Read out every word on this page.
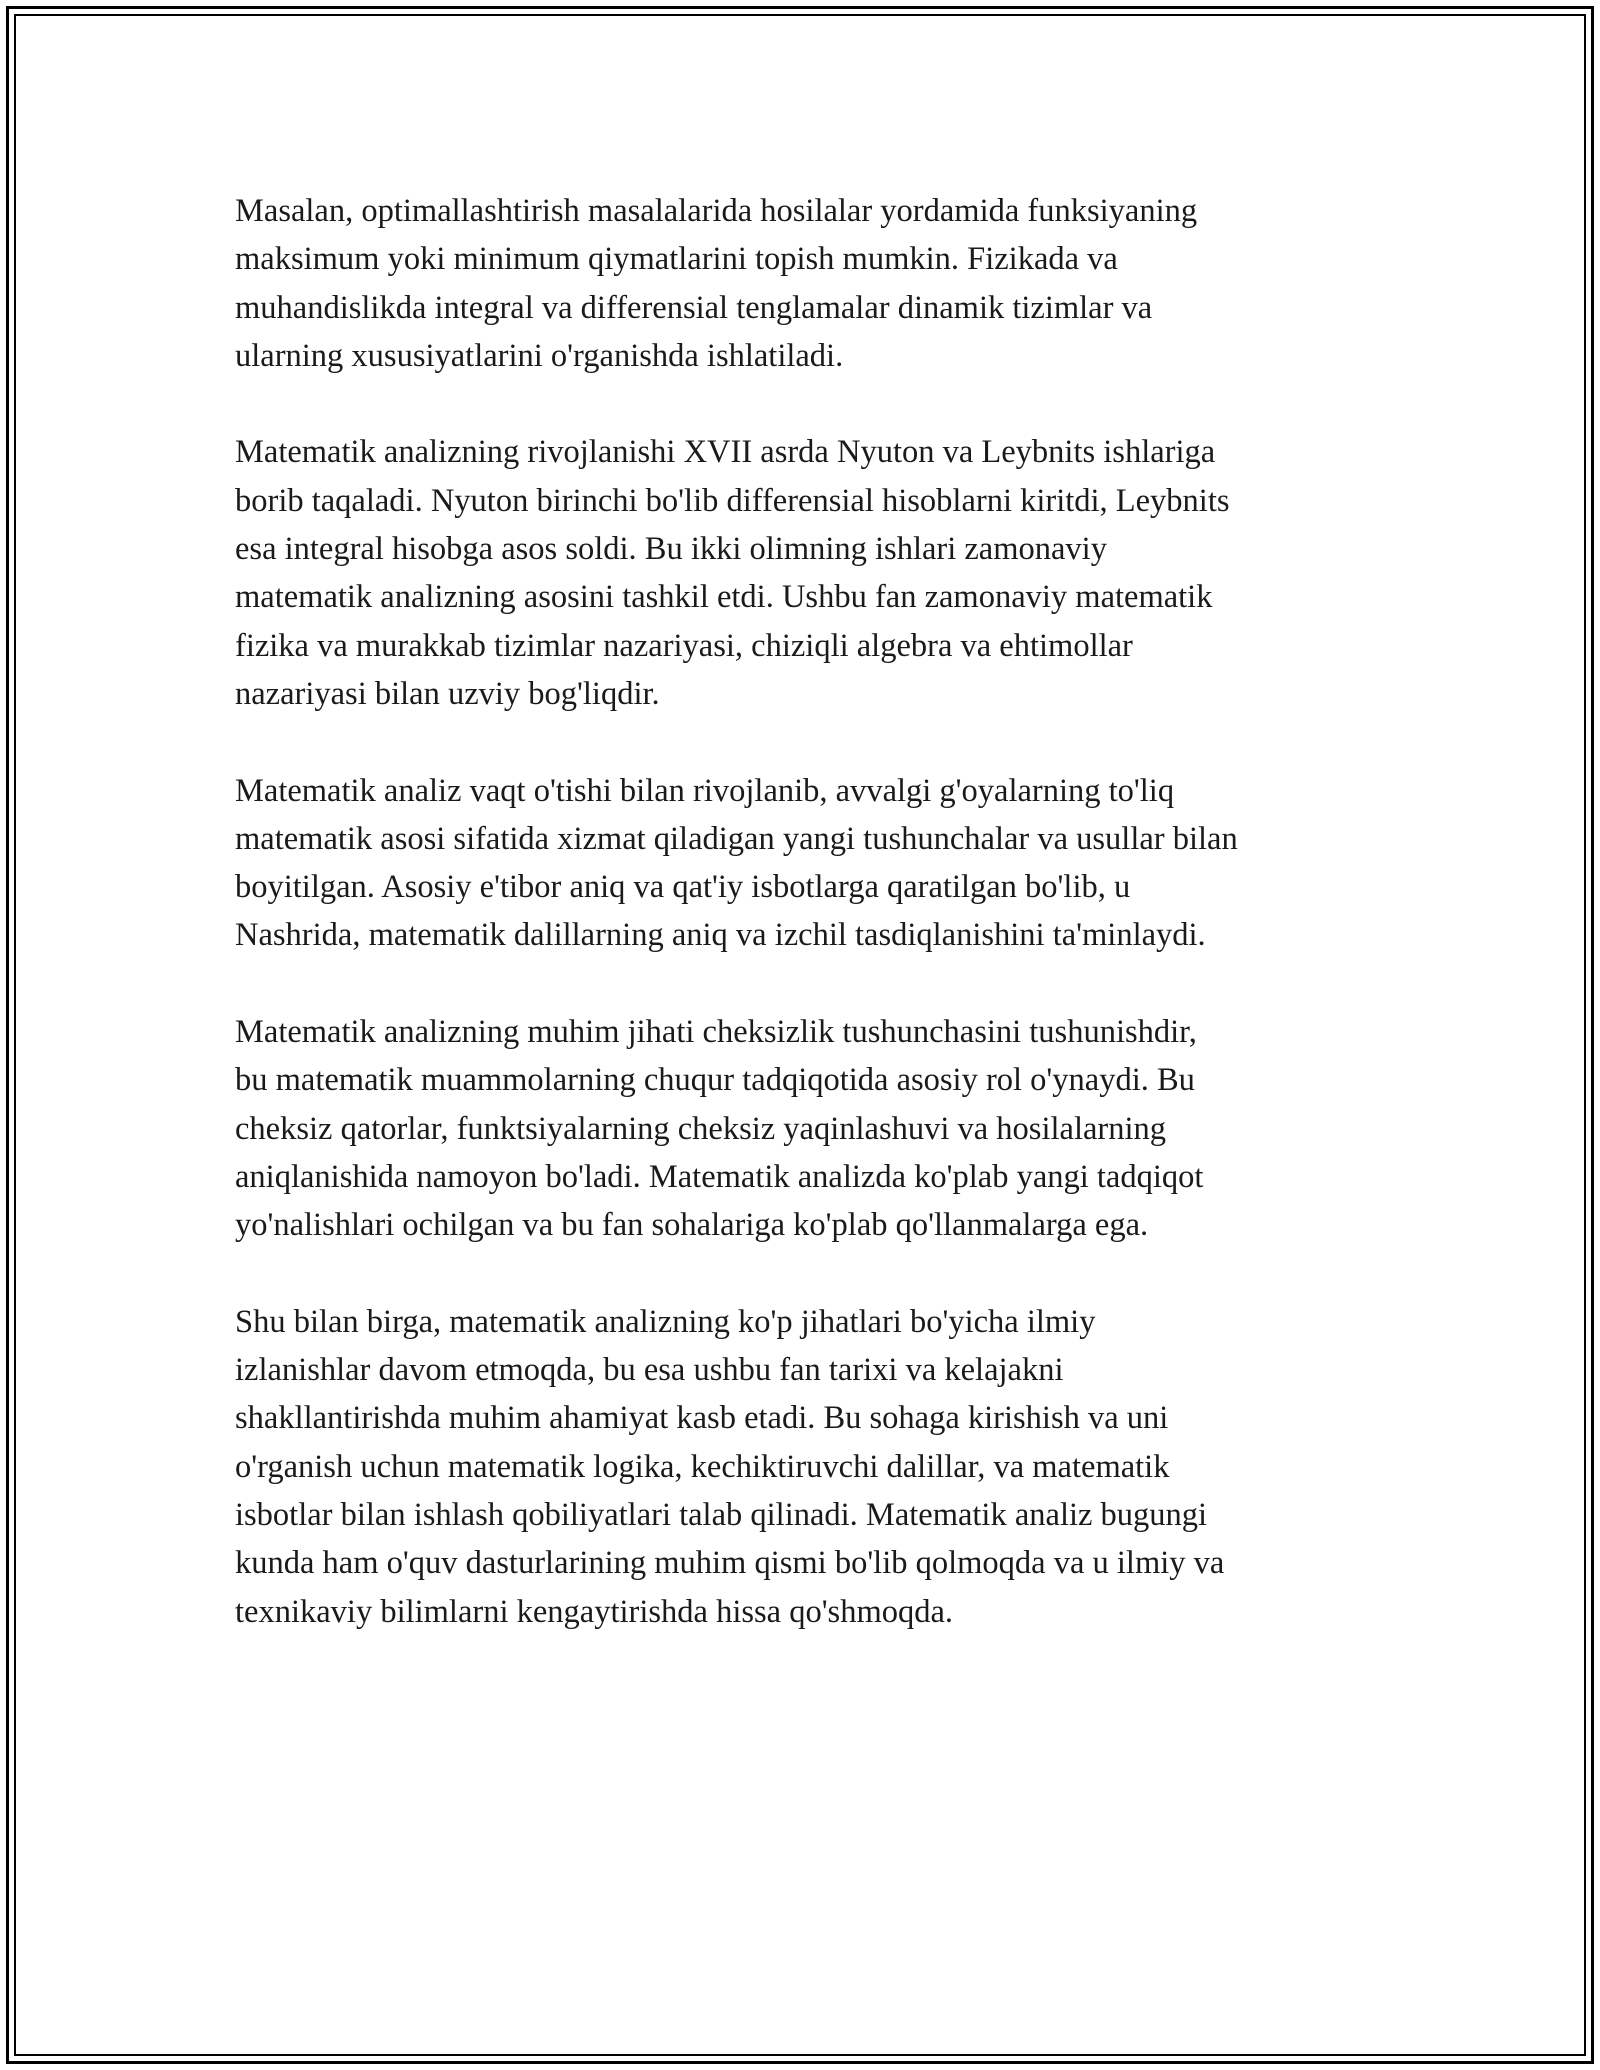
Masalan, optimallashtirish masalalarida hosilalar yordamida funksiyaning
maksimum yoki minimum qiymatlarini topish mumkin. Fizikada va
muhandislikda integral va differensial tenglamalar dinamik tizimlar va
ularning xususiyatlarini o'rganishda ishlatiladi.

Matematik analizning rivojlanishi XVII asrda Nyuton va Leybnits ishlariga
borib taqaladi. Nyuton birinchi bo'lib differensial hisoblarni kiritdi, Leybnits
esa integral hisobga asos soldi. Bu ikki olimning ishlari zamonaviy
matematik analizning asosini tashkil etdi. Ushbu fan zamonaviy matematik
fizika va murakkab tizimlar nazariyasi, chiziqli algebra va ehtimollar
nazariyasi bilan uzviy bog'liqdir.

Matematik analiz vaqt o'tishi bilan rivojlanib, avvalgi g'oyalarning to'liq
matematik asosi sifatida xizmat qiladigan yangi tushunchalar va usullar bilan
boyitilgan. Asosiy e'tibor aniq va qat'iy isbotlarga qaratilgan bo'lib, u
Nashrida, matematik dalillarning aniq va izchil tasdiqlanishini ta'minlaydi.

Matematik analizning muhim jihati cheksizlik tushunchasini tushunishdir,
bu matematik muammolarning chuqur tadqiqotida asosiy rol o'ynaydi. Bu
cheksiz qatorlar, funktsiyalarning cheksiz yaqinlashuvi va hosilalarning
aniqlanishida namoyon bo'ladi. Matematik analizda ko'plab yangi tadqiqot
yo'nalishlari ochilgan va bu fan sohalariga ko'plab qo'llanmalarga ega.

Shu bilan birga, matematik analizning ko'p jihatlari bo'yicha ilmiy
izlanishlar davom etmoqda, bu esa ushbu fan tarixi va kelajakni
shakllantirishda muhim ahamiyat kasb etadi. Bu sohaga kirishish va uni
o'rganish uchun matematik logika, kechiktiruvchi dalillar, va matematik
isbotlar bilan ishlash qobiliyatlari talab qilinadi. Matematik analiz bugungi
kunda ham o'quv dasturlarining muhim qismi bo'lib qolmoqda va u ilmiy va
texnikaviy bilimlarni kengaytirishda hissa qo'shmoqda.
